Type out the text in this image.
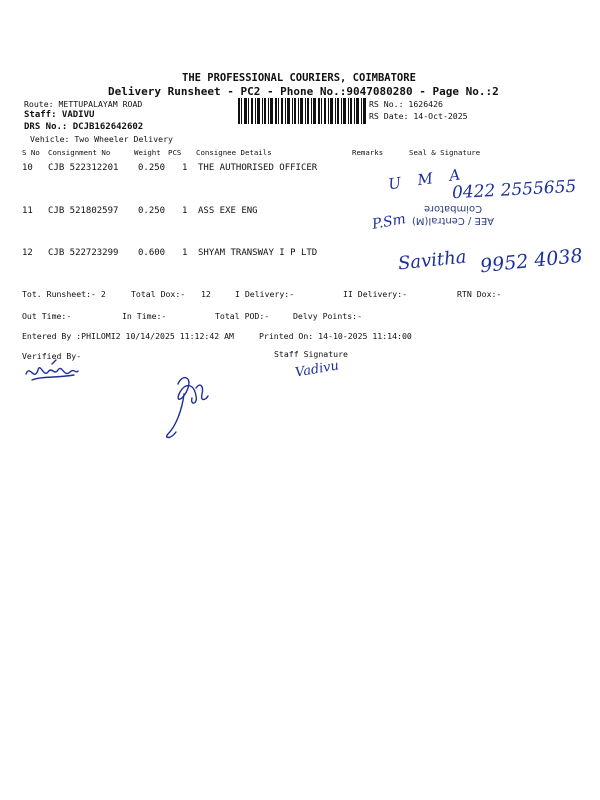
THE PROFESSIONAL COURIERS, COIMBATORE
Delivery Runsheet - PC2 - Phone No.:9047080280 - Page No.:2
Route: METTUPALAYAM ROAD
Staff: VADIVU
DRS No.: DCJB162642602
Vehicle: Two Wheeler Delivery
RS No.: 1626426
RS Date: 14-Oct-2025
S No Consignment No	Weight PCS Consignee Details	Remarks	Seal & Signature
10 CJB 522312201 0.250 1 THE AUTHORISED OFFICER
11 CJB 521802597 0.250 1 ASS EXE ENG
12 CJB 522723299 0.600 1 SHYAM TRANSWAY I P LTD
U M A
0422 2555655
P.Sm AEE / Central(M)
Coimbatore
Savitha 9952 4038
Tot. Runsheet:- 2	Total Dox:- 12	I Delivery:-	II Delivery:-	RTN Dox:-
Out Time:-	In Time:-	Total POD:-	Delvy Points:-
Entered By :PHILOMI2 10/14/2025 11:12:42 AM	Printed On: 14-10-2025 11:14:00
Verified By-	Staff Signature
Vadivu
